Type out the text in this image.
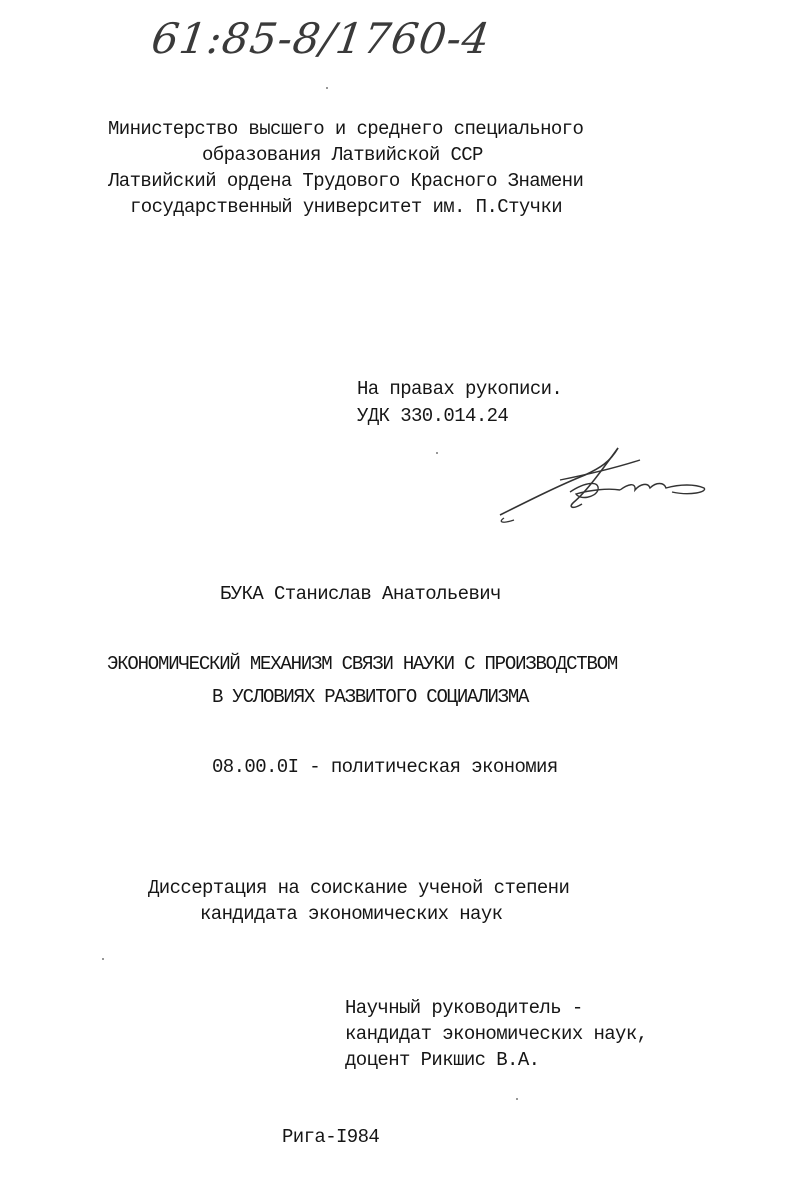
61:85-8/1760-4
Министерство высшего и среднего специального
образования Латвийской ССР
Латвийский ордена Трудового Красного Знамени
государственный университет им. П.Стучки
На правах рукописи.
УДК 330.014.24
БУКА Станислав Анатольевич
ЭКОНОМИЧЕСКИЙ МЕХАНИЗМ СВЯЗИ НАУКИ С ПРОИЗВОДСТВОМ
В УСЛОВИЯХ РАЗВИТОГО СОЦИАЛИЗМА
08.00.0I - политическая экономия
Диссертация на соискание ученой степени
кандидата экономических наук
Научный руководитель -
кандидат экономических наук,
доцент Рикшис В.А.
Рига-I984
